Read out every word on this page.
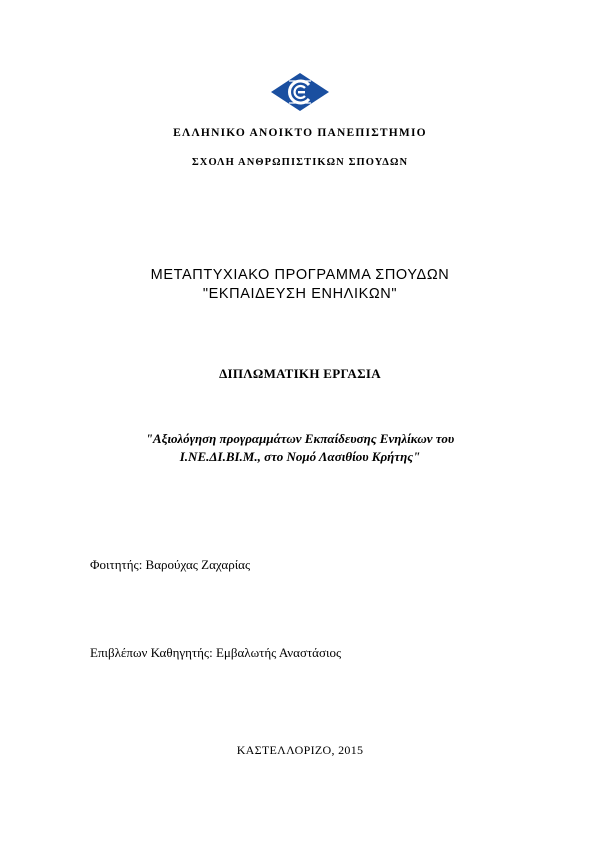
ΕΛΛΗΝΙΚΟ ΑΝΟΙΚΤΟ ΠΑΝΕΠΙΣΤΗΜΙΟ
ΣΧΟΛΗ ΑΝΘΡΩΠΙΣΤΙΚΩΝ ΣΠΟΥΔΩΝ
ΜΕΤΑΠΤΥΧΙΑΚΟ ΠΡΟΓΡΑΜΜΑ ΣΠΟΥΔΩΝ
"ΕΚΠΑΙΔΕΥΣΗ ΕΝΗΛΙΚΩΝ"
ΔΙΠΛΩΜΑΤΙΚΗ ΕΡΓΑΣΙΑ
"Αξιολόγηση προγραμμάτων Εκπαίδευσης Ενηλίκων του
Ι.ΝΕ.ΔΙ.ΒΙ.Μ., στο Νομό Λασιθίου Κρήτης"
Φοιτητής: Βαρούχας Ζαχαρίας
Επιβλέπων Καθηγητής: Εμβαλωτής Αναστάσιος
ΚΑΣΤΕΛΛΟΡΙΖΟ, 2015
